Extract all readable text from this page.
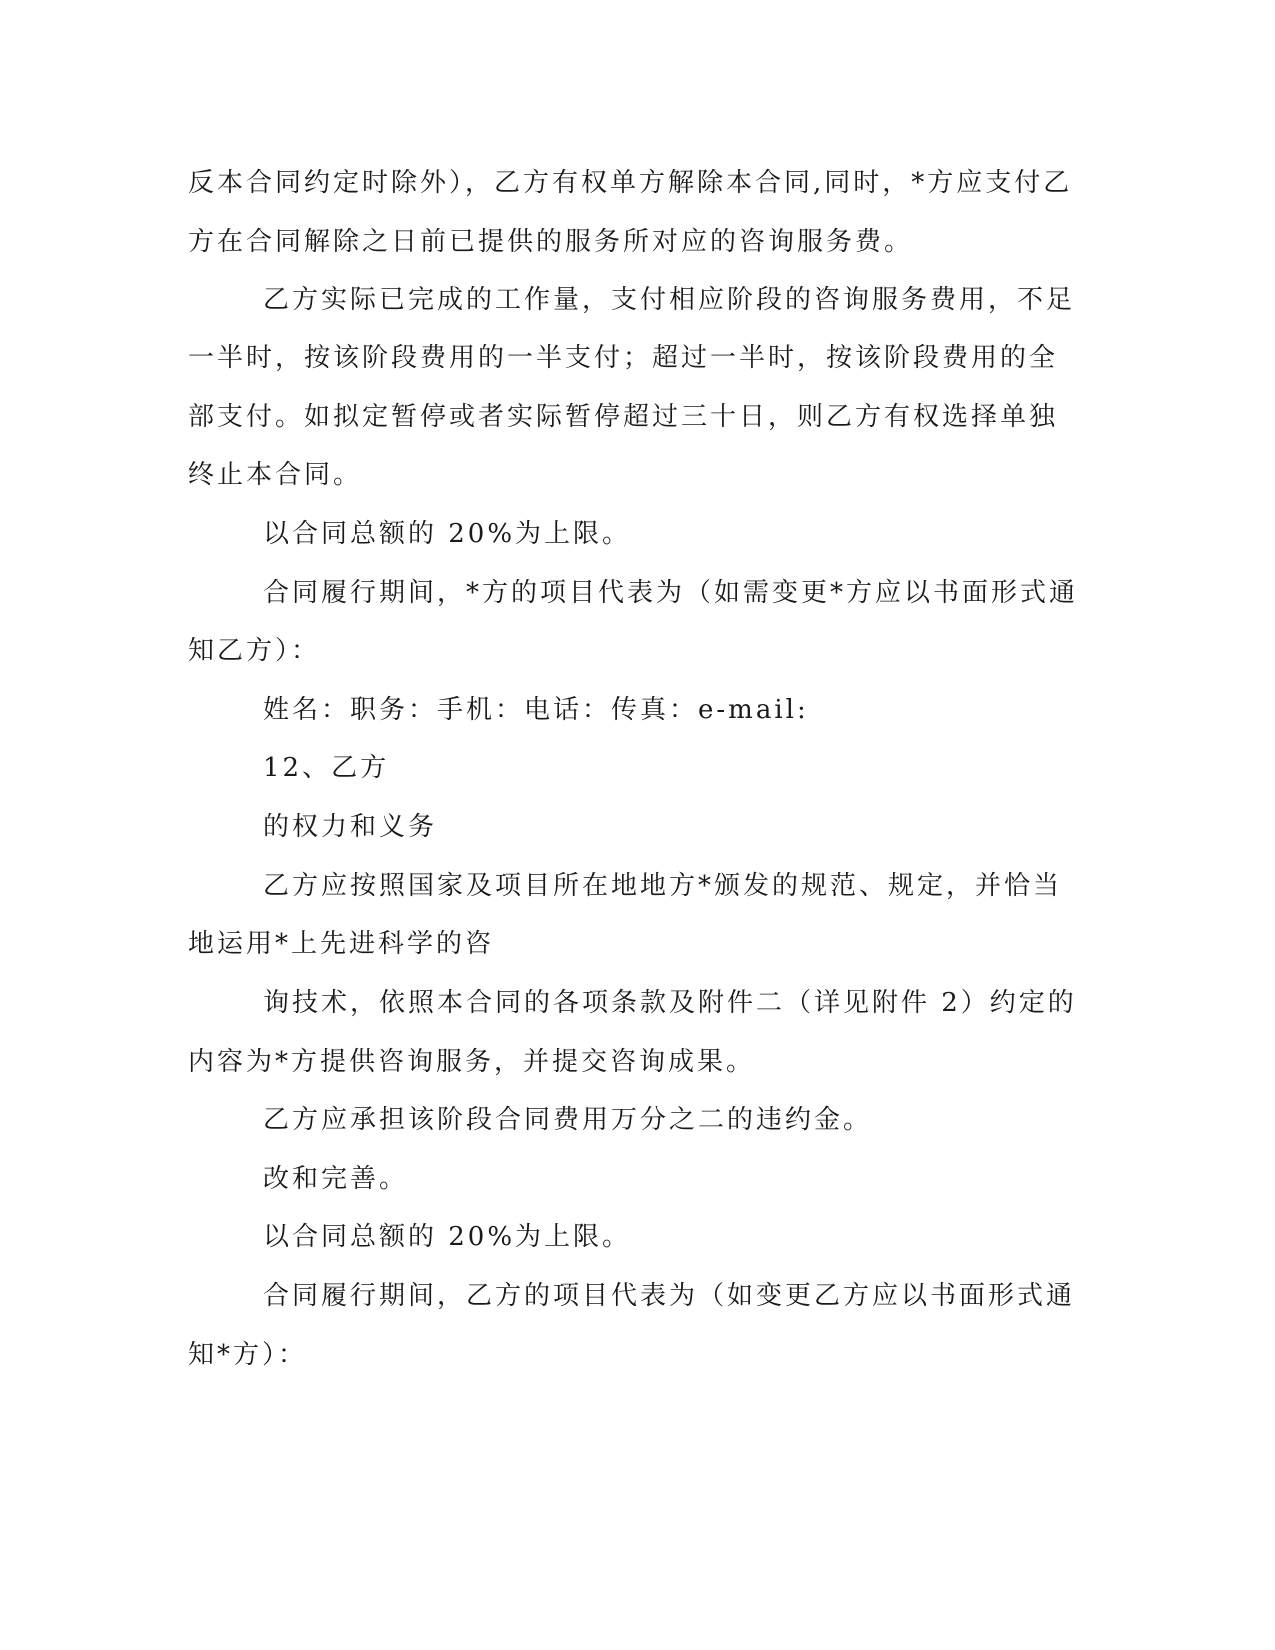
反本合同约定时除外），乙方有权单方解除本合同,同时，*方应支付乙
方在合同解除之日前已提供的服务所对应的咨询服务费。
乙方实际已完成的工作量，支付相应阶段的咨询服务费用，不足
一半时，按该阶段费用的一半支付；超过一半时，按该阶段费用的全
部支付。如拟定暂停或者实际暂停超过三十日，则乙方有权选择单独
终止本合同。
以合同总额的 20%为上限。
合同履行期间，*方的项目代表为（如需变更*方应以书面形式通
知乙方）：
姓名：职务：手机：电话：传真：e-mail:
12、乙方
的权力和义务
乙方应按照国家及项目所在地地方*颁发的规范、规定，并恰当
地运用*上先进科学的咨
询技术，依照本合同的各项条款及附件二（详见附件 2）约定的
内容为*方提供咨询服务，并提交咨询成果。
乙方应承担该阶段合同费用万分之二的违约金。
改和完善。
以合同总额的 20%为上限。
合同履行期间，乙方的项目代表为（如变更乙方应以书面形式通
知*方）：
